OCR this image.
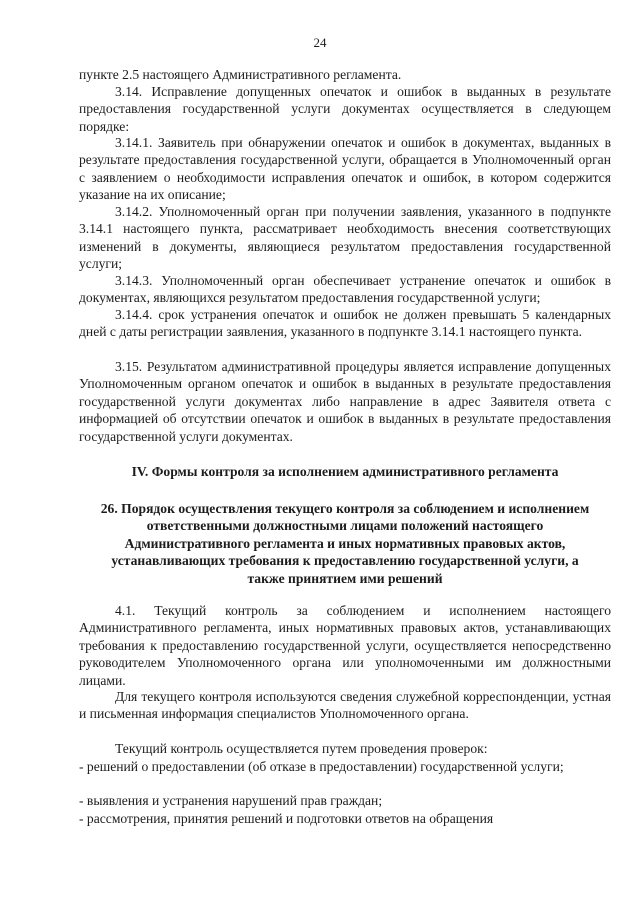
24

пункте 2.5 настоящего Административного регламента.

3.14. Исправление допущенных опечаток и ошибок в выданных в результате предоставления государственной услуги документах осуществляется в следующем порядке:

3.14.1. Заявитель при обнаружении опечаток и ошибок в документах, выданных в результате предоставления государственной услуги, обращается в Уполномоченный орган с заявлением о необходимости исправления опечаток и ошибок, в котором содержится указание на их описание;

3.14.2. Уполномоченный орган при получении заявления, указанного в подпункте 3.14.1 настоящего пункта, рассматривает необходимость внесения соответствующих изменений в документы, являющиеся результатом предоставления государственной услуги;

3.14.3. Уполномоченный орган обеспечивает устранение опечаток и ошибок в документах, являющихся результатом предоставления государственной услуги;

3.14.4. срок устранения опечаток и ошибок не должен превышать 5 календарных дней с даты регистрации заявления, указанного в подпункте 3.14.1 настоящего пункта.

3.15. Результатом административной процедуры является исправление допущенных Уполномоченным органом опечаток и ошибок в выданных в результате предоставления государственной услуги документах либо направление в адрес Заявителя ответа с информацией об отсутствии опечаток и ошибок в выданных в результате предоставления государственной услуги документах.

IV. Формы контроля за исполнением административного регламента

26. Порядок осуществления текущего контроля за соблюдением и исполнением ответственными должностными лицами положений настоящего Административного регламента и иных нормативных правовых актов, устанавливающих требования к предоставлению государственной услуги, а также принятием ими решений

4.1. Текущий контроль за соблюдением и исполнением настоящего Административного регламента, иных нормативных правовых актов, устанавливающих требования к предоставлению государственной услуги, осуществляется непосредственно руководителем Уполномоченного органа или уполномоченными им должностными лицами.

Для текущего контроля используются сведения служебной корреспонденции, устная и письменная информация специалистов Уполномоченного органа.

Текущий контроль осуществляется путем проведения проверок:

- решений о предоставлении (об отказе в предоставлении) государственной услуги;

- выявления и устранения нарушений прав граждан;

- рассмотрения, принятия решений и подготовки ответов на обращения
